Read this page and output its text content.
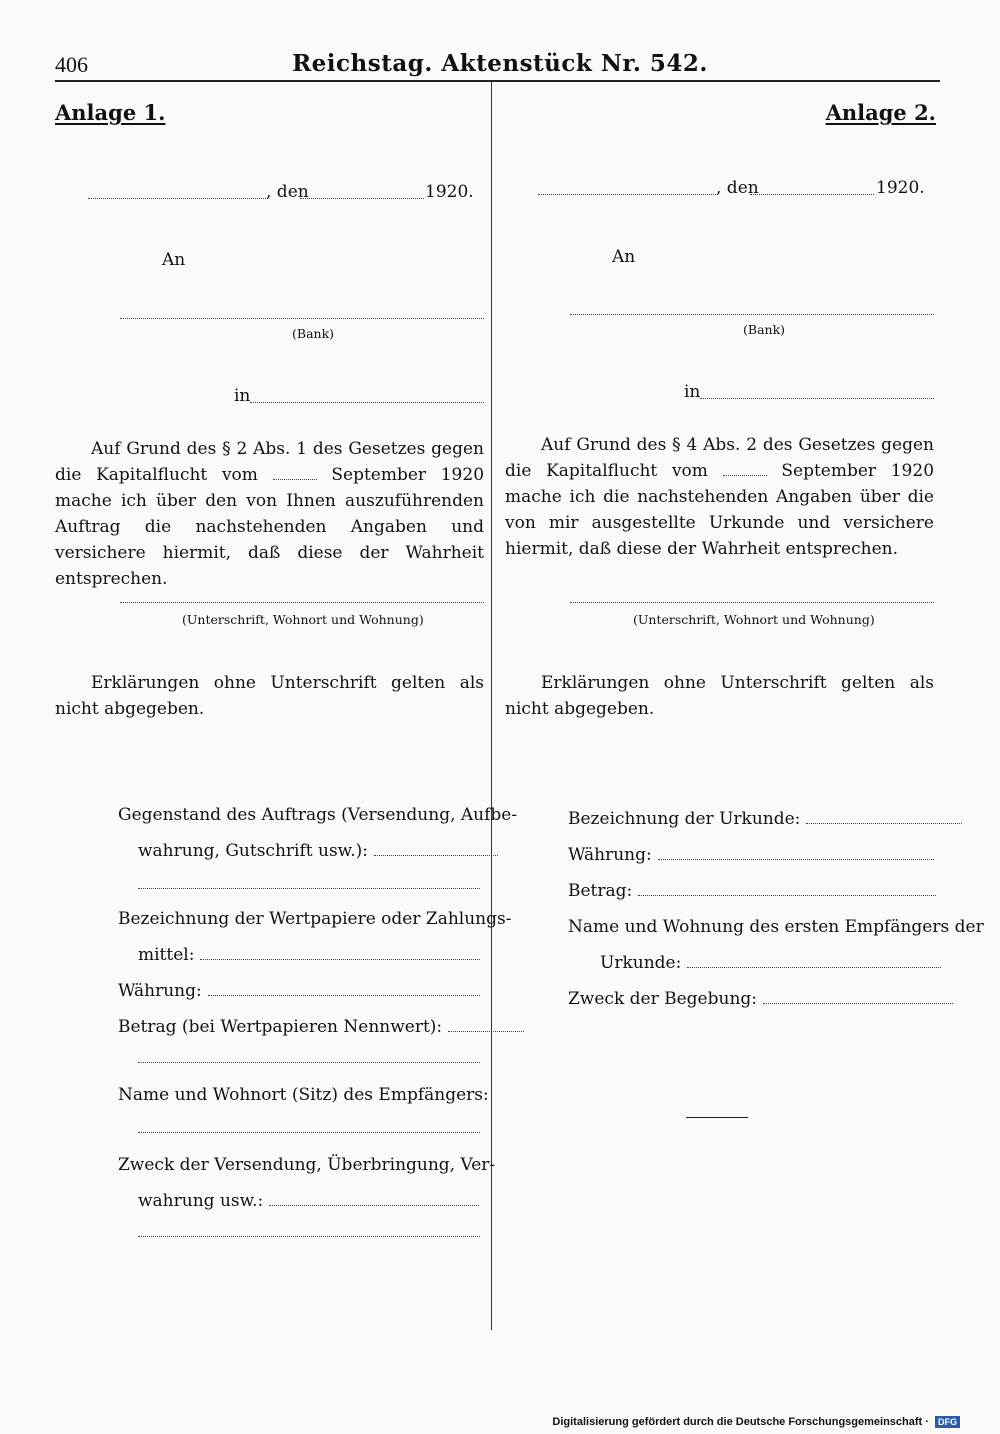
406	Reichstag. Aktenstück Nr. 542.
Anlage 1.
, den	1920.
An
(Bank)
in
Auf Grund des § 2 Abs. 1 des Gesetzes gegen die Kapitalflucht vom	September 1920 mache ich über den von Ihnen auszuführenden Auftrag die nachstehenden Angaben und versichere hiermit, daß diese der Wahrheit entsprechen.
(Unterschrift, Wohnort und Wohnung)
Erklärungen ohne Unterschrift gelten als nicht abgegeben.
Gegenstand des Auftrags (Versendung, Aufbe-
wahrung, Gutschrift usw.):
Bezeichnung der Wertpapiere oder Zahlungs-
mittel:
Währung:
Betrag (bei Wertpapieren Nennwert):
Name und Wohnort (Sitz) des Empfängers:
Zweck der Versendung, Überbringung, Ver-
wahrung usw.:
Anlage 2.
, den	1920.
An
(Bank)
in
Auf Grund des § 4 Abs. 2 des Gesetzes gegen die Kapitalflucht vom	September 1920 mache ich die nachstehenden Angaben über die von mir ausgestellte Urkunde und versichere hiermit, daß diese der Wahrheit entsprechen.
(Unterschrift, Wohnort und Wohnung)
Erklärungen ohne Unterschrift gelten als nicht abgegeben.
Bezeichnung der Urkunde:
Währung:
Betrag:
Name und Wohnung des ersten Empfängers der
Urkunde:
Zweck der Begebung:
Digitalisierung gefördert durch die Deutsche Forschungsgemeinschaft · DFG
